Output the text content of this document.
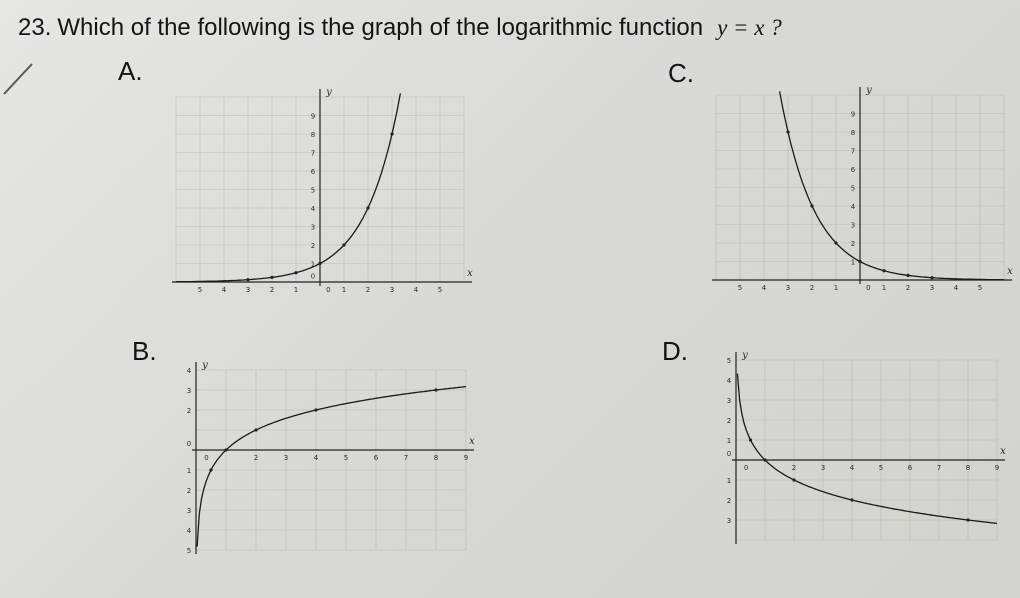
23. Which of the following is the graph of the logarithmic function y = x ?
A.	C.
B.	D.
x
y
5	4	3	2	1	0 1	2	3	4	5
9
8
7
6
5
4
3
2
1
0	x
y
5	4	3	2	1	0 1	2	3	4	5
9
8
7
6
5
4
3
2
1
x
y
0	2	3	4	5	6	7	8	9
4
3
2
0
1
2
3
4
5
x
y
0	2	3	4	5	6	7	8	9
5
4
3
2
1
0
1
2
3
